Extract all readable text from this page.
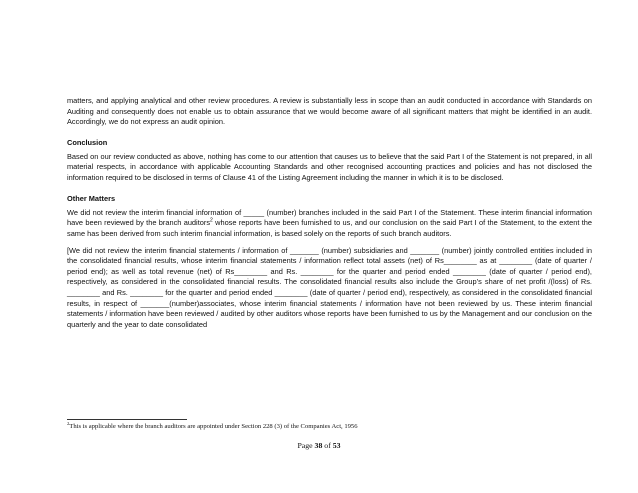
matters, and applying analytical and other review procedures. A review is substantially less in scope than an audit conducted in accordance with Standards on Auditing and consequently does not enable us to obtain assurance that we would become aware of all significant matters that might be identified in an audit. Accordingly, we do not express an audit opinion.

Conclusion

Based on our review conducted as above, nothing has come to our attention that causes us to believe that the said Part I of the Statement is not prepared, in all material respects, in accordance with applicable Accounting Standards and other recognised accounting practices and policies and has not disclosed the information required to be disclosed in terms of Clause 41 of the Listing Agreement including the manner in which it is to be disclosed.

Other Matters

We did not review the interim financial information of _____ (number) branches included in the said Part I of the Statement. These interim financial information have been reviewed by the branch auditors$^2$ whose reports have been furnished to us, and our conclusion on the said Part I of the Statement, to the extent the same has been derived from such interim financial information, is based solely on the reports of such branch auditors.

[We did not review the interim financial statements / information of _______ (number) subsidiaries and _______ (number) jointly controlled entities included in the consolidated financial results, whose interim financial statements / information reflect total assets (net) of Rs________ as at ________ (date of quarter / period end); as well as total revenue (net) of Rs________ and Rs. ________ for the quarter and period ended ________ (date of quarter / period end), respectively, as considered in the consolidated financial results. The consolidated financial results also include the Group’s share of net profit /(loss) of Rs. ________ and Rs. ________ for the quarter and period ended ________ (date of quarter / period end), respectively, as considered in the consolidated financial results, in respect of _______(number)associates, whose interim financial statements / information have not been reviewed by us. These interim financial statements / information have been reviewed / audited by other auditors whose reports have been furnished to us by the Management and our conclusion on the quarterly and the year to date consolidated

$^2$This is applicable where the branch auditors are appointed under Section 228 (3) of the Companies Act, 1956
Page 38 of 53
